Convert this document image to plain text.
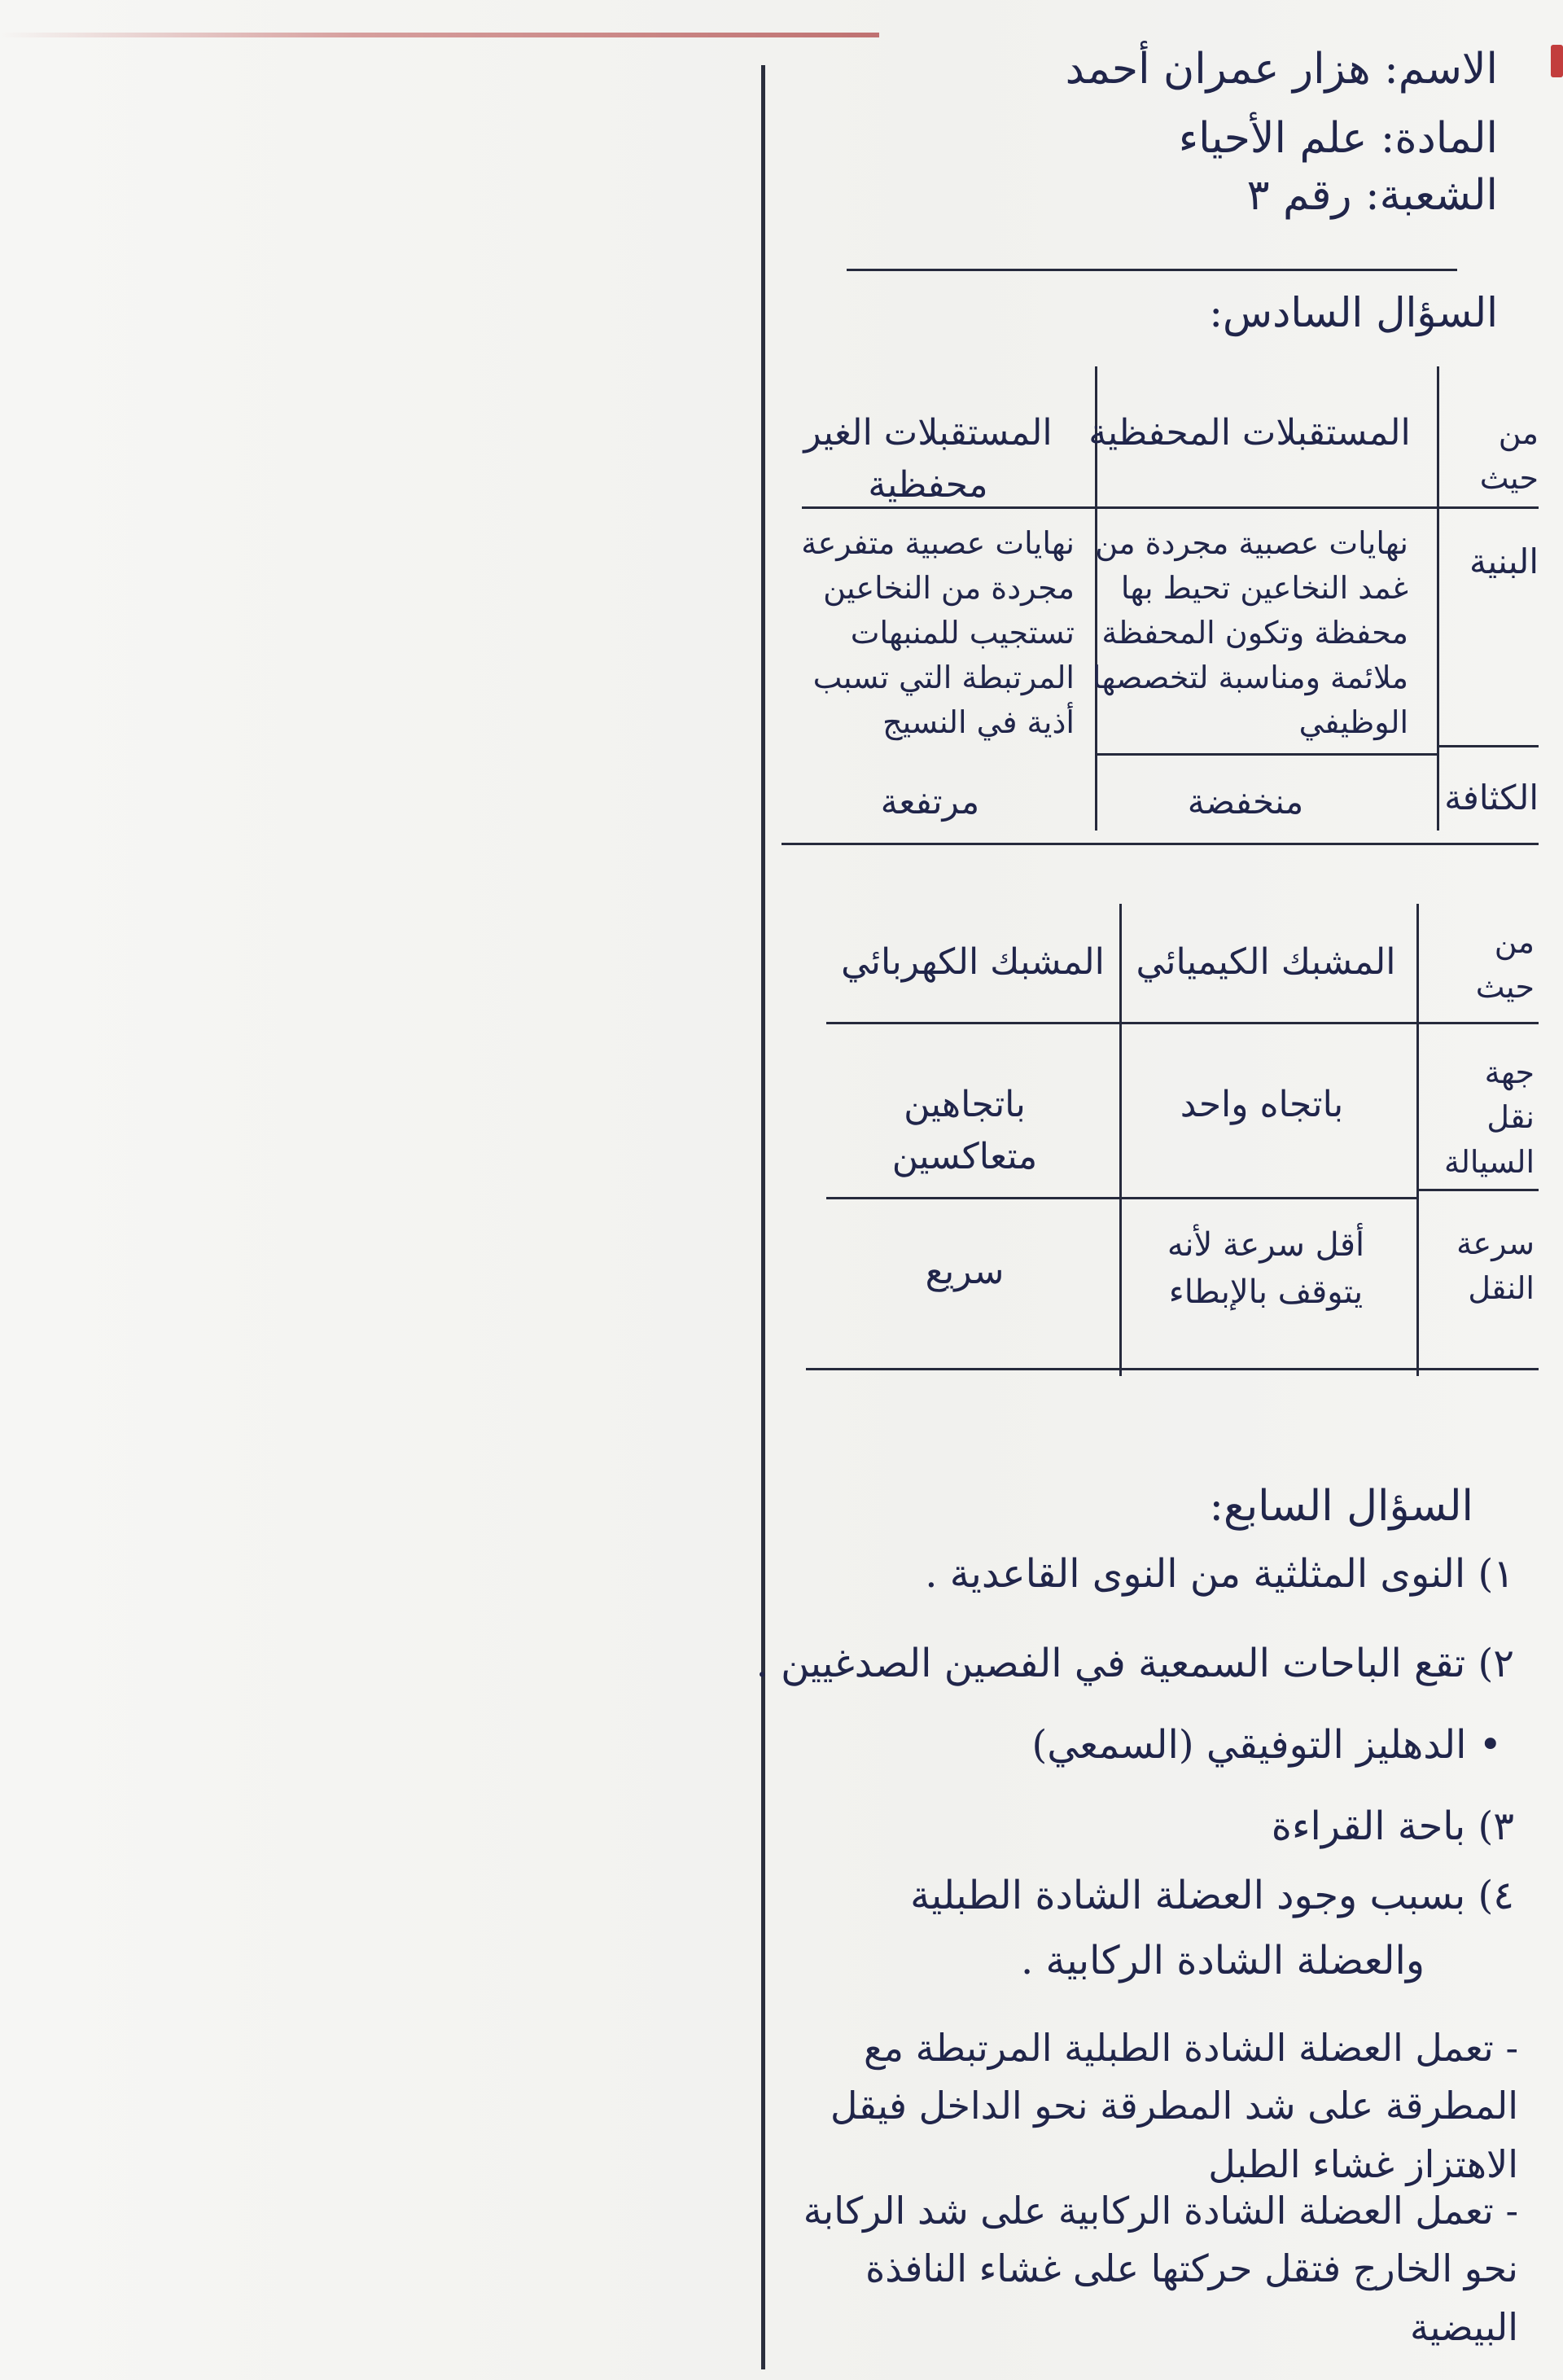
الاسم: هزار عمران أحمد
المادة: علم الأحياء
الشعبة: رقم ٣
السؤال السادس:
من حيث
المستقبلات المحفظية
المستقبلات الغير محفظية
البنية
نهايات عصبية مجردة من غمد النخاعين تحيط بها محفظة وتكون المحفظة ملائمة ومناسبة لتخصصها الوظيفي
نهايات عصبية متفرعة مجردة من النخاعين تستجيب للمنبهات المرتبطة التي تسبب أذية في النسيج
الكثافة
منخفضة
مرتفعة
من حيث
المشبك الكيميائي
المشبك الكهربائي
جهة نقل السيالة
باتجاه واحد
باتجاهين متعاكسين
سرعة النقل
أقل سرعة لأنه يتوقف بالإبطاء
سريع
السؤال السابع:
١) النوى المثلثية من النوى القاعدية .
٢) تقع الباحات السمعية في الفصين الصدغيين .
• الدهليز التوفيقي (السمعي)
٣) باحة القراءة
٤) بسبب وجود العضلة الشادة الطبلية
والعضلة الشادة الركابية .
- تعمل العضلة الشادة الطبلية المرتبطة مع المطرقة على شد المطرقة نحو الداخل فيقل الاهتزاز غشاء الطبل
- تعمل العضلة الشادة الركابية على شد الركابة نحو الخارج فتقل حركتها على غشاء النافذة البيضية
